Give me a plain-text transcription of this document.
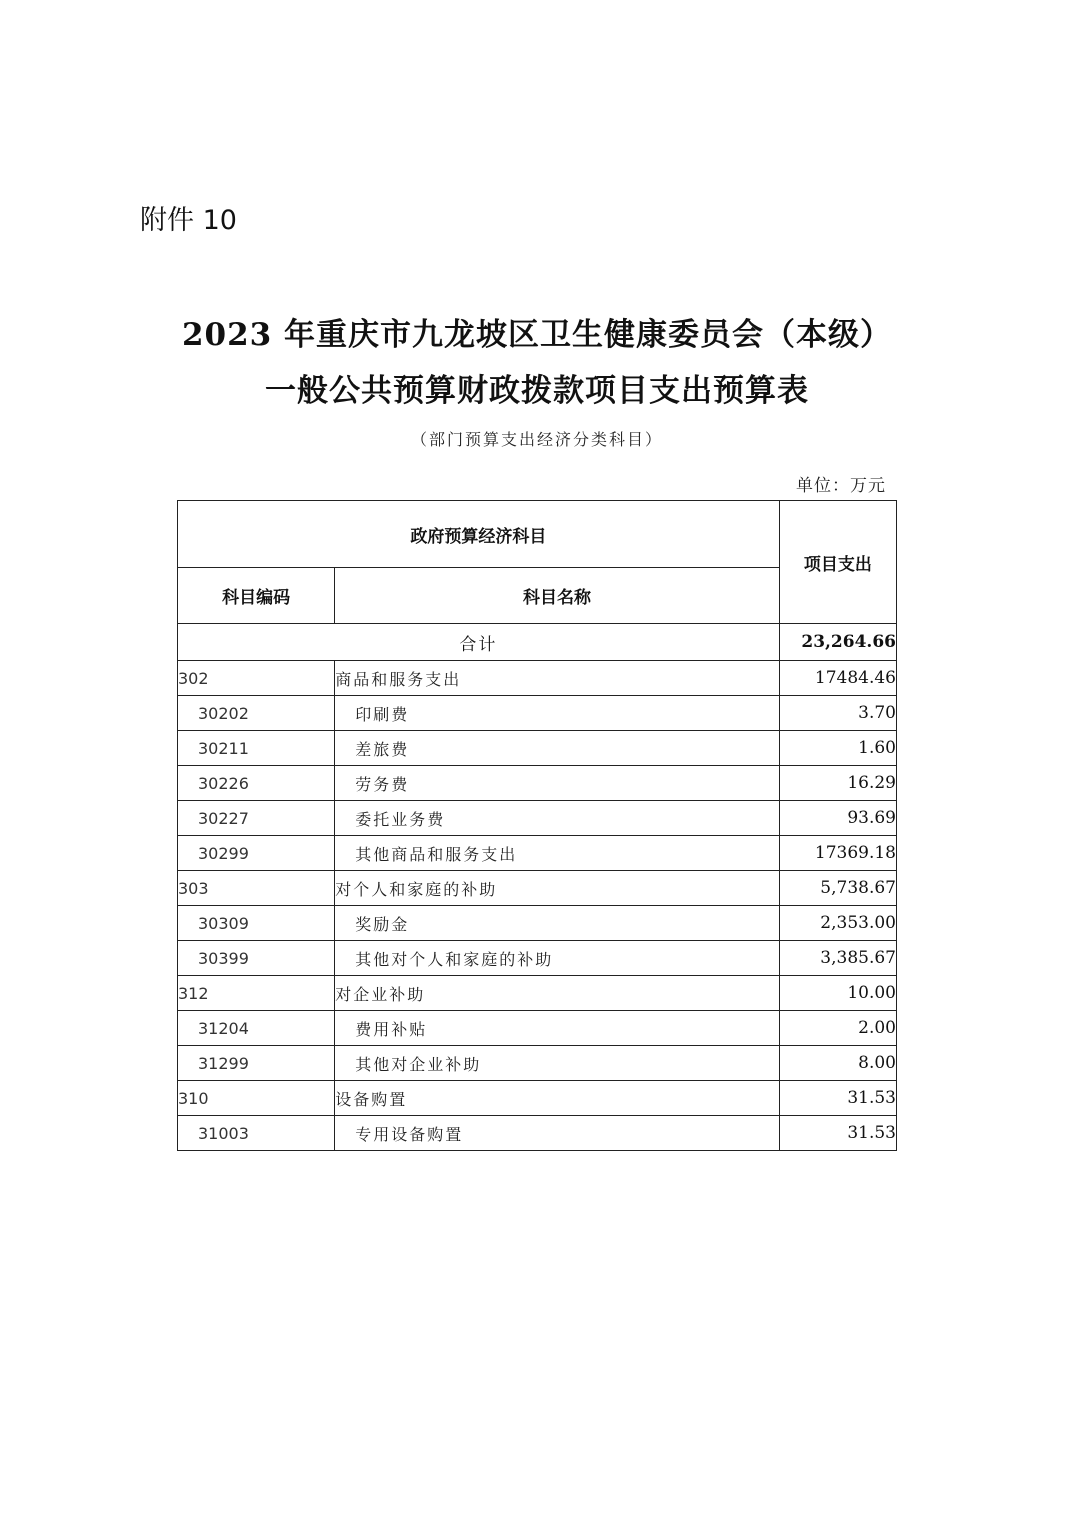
附件 10
2023 年重庆市九龙坡区卫生健康委员会（本级）
一般公共预算财政拨款项目支出预算表
（部门预算支出经济分类科目）
单位：万元
政府预算经济科目		项目支出
科目编码	科目名称	
合计		23,264.66
302	商品和服务支出	17484.46
30202	印刷费	3.70
30211	差旅费	1.60
30226	劳务费	16.29
30227	委托业务费	93.69
30299	其他商品和服务支出	17369.18
303	对个人和家庭的补助	5,738.67
30309	奖励金	2,353.00
30399	其他对个人和家庭的补助	3,385.67
312	对企业补助	10.00
31204	费用补贴	2.00
31299	其他对企业补助	8.00
310	设备购置	31.53
31003	专用设备购置	31.53
